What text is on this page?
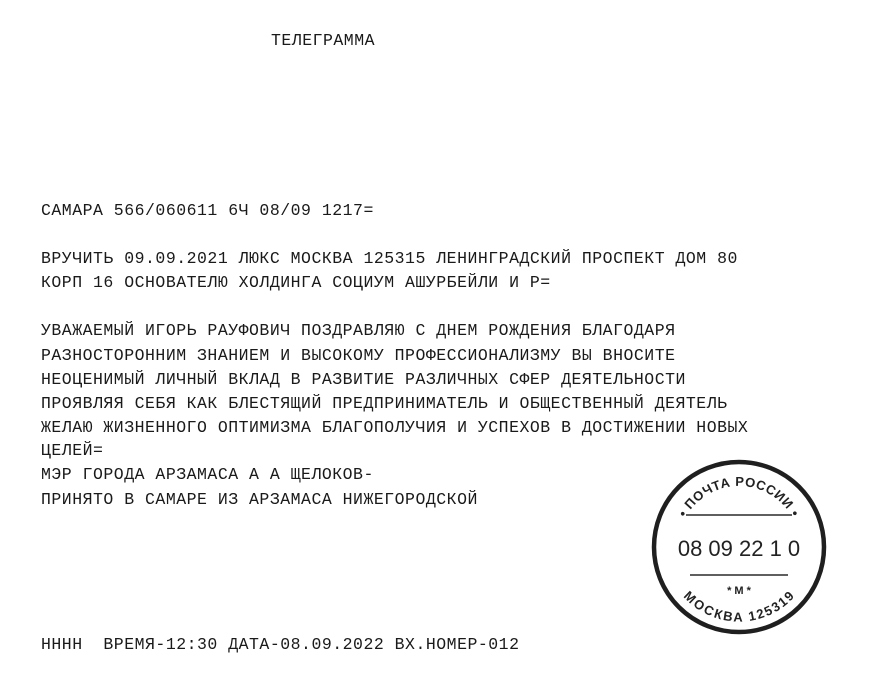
ТЕЛЕГРАММА

САМАРА 566/060611 6Ч 08/09 1217=

ВРУЧИТЬ 09.09.2021 ЛЮКС МОСКВА 125315 ЛЕНИНГРАДСКИЙ ПРОСПЕКТ ДОМ 80

КОРП 16 ОСНОВАТЕЛЮ ХОЛДИНГА СОЦИУМ АШУРБЕЙЛИ И Р=

УВАЖАЕМЫЙ ИГОРЬ РАУФОВИЧ ПОЗДРАВЛЯЮ С ДНЕМ РОЖДЕНИЯ БЛАГОДАРЯ

РАЗНОСТОРОННИМ ЗНАНИЕМ И ВЫСОКОМУ ПРОФЕССИОНАЛИЗМУ ВЫ ВНОСИТЕ

НЕОЦЕНИМЫЙ ЛИЧНЫЙ ВКЛАД В РАЗВИТИЕ РАЗЛИЧНЫХ СФЕР ДЕЯТЕЛЬНОСТИ

ПРОЯВЛЯЯ СЕБЯ КАК БЛЕСТЯЩИЙ ПРЕДПРИНИМАТЕЛЬ И ОБЩЕСТВЕННЫЙ ДЕЯТЕЛЬ

ЖЕЛАЮ ЖИЗНЕННОГО ОПТИМИЗМА БЛАГОПОЛУЧИЯ И УСПЕХОВ В ДОСТИЖЕНИИ НОВЫХ

ЦЕЛЕЙ=

МЭР ГОРОДА АРЗАМАСА А А ЩЕЛОКОВ-

ПРИНЯТО В САМАРЕ ИЗ АРЗАМАСА НИЖЕГОРОДСКОЙ

НННН  ВРЕМЯ-12:30 ДАТА-08.09.2022 ВХ.НОМЕР-012

• ПОЧТА РОССИИ •
08 09 22 1 0
* М *
МОСКВА 125319
